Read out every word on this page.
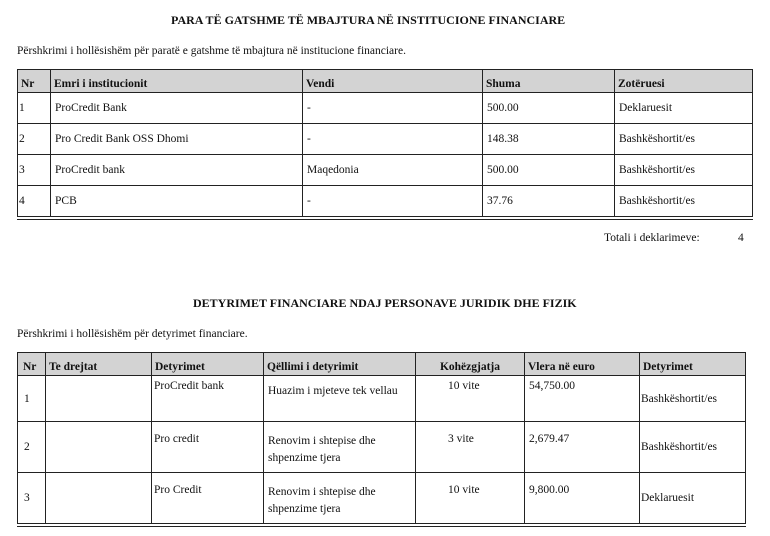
PARA TË GATSHME TË MBAJTURA NË INSTITUCIONE FINANCIARE
Përshkrimi i hollësishëm për paratë e gatshme të mbajtura në institucione financiare.
Nr	Emri i institucionit	Vendi	Shuma	Zotëruesi

1	ProCredit Bank	-	500.00	Deklaruesit

2	Pro Credit Bank OSS Dhomi	-	148.38	Bashkëshortit/es

3	ProCredit bank	Maqedonia	500.00	Bashkëshortit/es

4	PCB	-	37.76	Bashkëshortit/es
Totali i deklarimeve:	4
DETYRIMET FINANCIARE NDAJ PERSONAVE JURIDIK DHE FIZIK
Përshkrimi i hollësishëm për detyrimet financiare.
Nr	Te drejtat	Detyrimet	Qëllimi i detyrimit	Kohëzgjatja	Vlera në euro	Detyrimet
1		ProCredit bank	Huazim i mjeteve tek vellau	10 vite	54,750.00	Bashkëshortit/es
2		Pro credit	Renovim i shtepise dhe shpenzime tjera	3 vite	2,679.47	Bashkëshortit/es
3		Pro Credit	Renovim i shtepise dhe shpenzime tjera	10 vite	9,800.00	Deklaruesit
